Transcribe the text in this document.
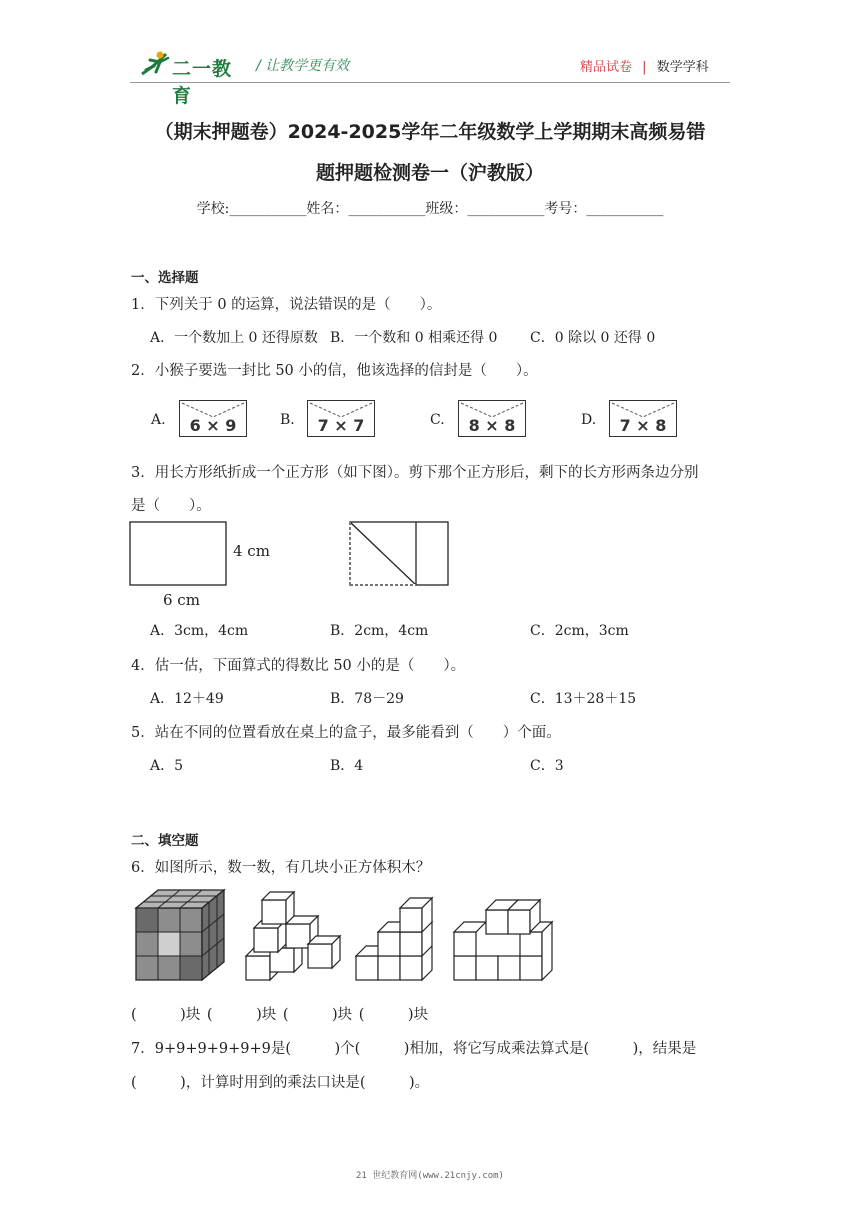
二一教育
/ 让教学更有效	精品试卷 | 数学学科
（期末押题卷）2024-2025学年二年级数学上学期期末高频易错
题押题检测卷一（沪教版）
学校:___________姓名：___________班级：___________考号：___________
一、选择题
1．下列关于 0 的运算，说法错误的是（　　）。
A．一个数加上 0 还得原数 B．一个数和 0 相乘还得 0 C．0 除以 0 还得 0
2．小猴子要选一封比 50 小的信，他该选择的信封是（　　）。
A.	6 × 9	B.	7 × 7	C.	8 × 8	D.	7 × 8
3．用长方形纸折成一个正方形（如下图）。剪下那个正方形后，剩下的长方形两条边分别
是（　　）。
4 cm
6 cm
A．3cm，4cm	B．2cm，4cm	C．2cm，3cm
4．估一估，下面算式的得数比 50 小的是（　　）。
A．12＋49	B．78－29	C．13＋28＋15
5．站在不同的位置看放在桌上的盒子，最多能看到（　　）个面。
A．5	B．4	C．3
二、填空题
6．如图所示，数一数，有几块小正方体积木？
(　　　)块 (　　　)块 (　　　)块 (　　　)块
7．9+9+9+9+9+9是(　　　)个(　　　)相加，将它写成乘法算式是(　　　)，结果是
(　　　)，计算时用到的乘法口诀是(　　　)。
21 世纪教育网(www.21cnjy.com)
